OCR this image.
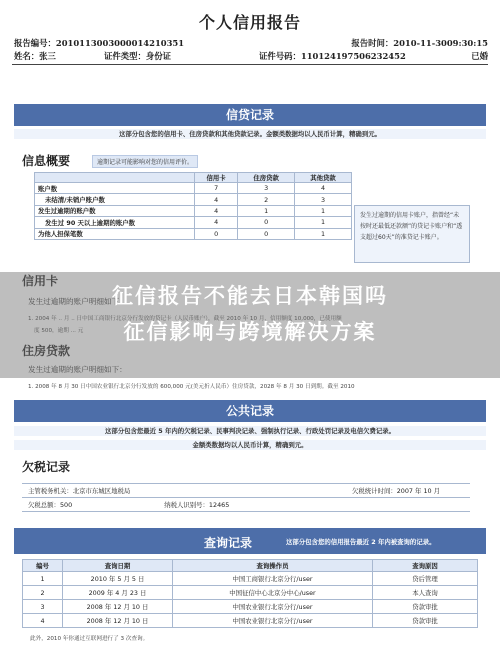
个人信用报告
报告编号：2010113003000014210351	报告时间：2010-11-3009:30:15
姓名：张三	证件类型：身份证	证件号码：110124197506232452	已婚
信贷记录
这部分包含您的信用卡、住房贷款和其他贷款记录。金额类数据均以人民币计算，精确到元。
信息概要	逾期记录可能影响对您的信用评价。
	信用卡	住房贷款	其他贷款
账户数	7	3	4
未结清/未销户账户数	4	2	3
发生过逾期的账户数	4	1	1
发生过 90 天以上逾期的账户数	4	0	1
为他人担保笔数	0	0	1
发生过逾期的信用卡账户，指曾经“未按时还最低还款额”的贷记卡账户和“透支超过60天”的准贷记卡账户。
信用卡
发生过逾期的账户明细如下：
1. 2004 年 .. 月 .. 日中国工商银行北京分行发放的贷记卡（人民币账户），截至 2010 年 10 月，信用额度 10,000，已使用额
度 500，逾期 ... 元
住房贷款
发生过逾期的账户明细如下：
1. 2008 年 8 月 30 日中国农业银行北京分行发放的 600,000 元(美元折人民币）住房贷款，2028 年 8 月 30 日到期。截至 2010
征信报告不能去日本韩国吗
征信影响与跨境解决方案
公共记录
这部分包含您最近 5 年内的欠税记录、民事判决记录、强制执行记录、行政处罚记录及电信欠费记录。
金额类数据均以人民币计算，精确到元。
欠税记录
主管税务机关：北京市东城区地税局	欠税统计时间：2007 年 10 月
欠税总额：500 纳税人识别号：12465	
查询记录	这部分包含您的信用报告最近 2 年内被查询的记录。
编号	查询日期	查询操作员	查询原因
1	2010 年 5 月 5 日	中国工商银行北京分行/user	贷后管理
2	2009 年 4 月 23 日	中国征信中心北京分中心/user	本人查询
3	2008 年 12 月 10 日	中国农业银行北京分行/user	贷款审批
4	2008 年 12 月 10 日	中国农业银行北京分行/user	贷款审批
此外，2010 年你通过互联网进行了 3 次查询。
